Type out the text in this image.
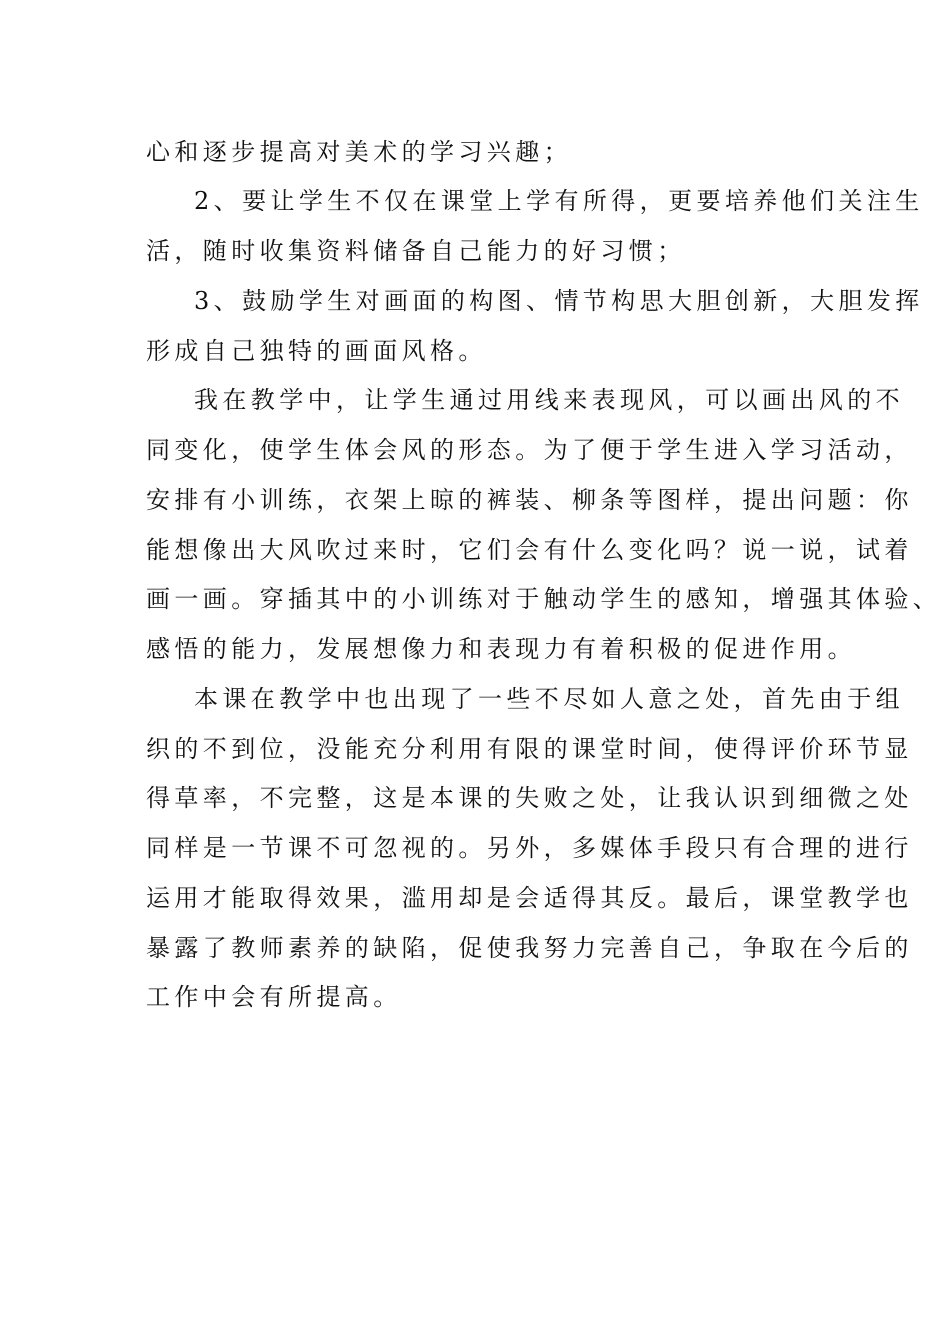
心和逐步提高对美术的学习兴趣；

2、要让学生不仅在课堂上学有所得，更要培养他们关注生

活，随时收集资料储备自己能力的好习惯；

3、鼓励学生对画面的构图、情节构思大胆创新，大胆发挥

形成自己独特的画面风格。

我在教学中，让学生通过用线来表现风，可以画出风的不

同变化，使学生体会风的形态。为了便于学生进入学习活动，

安排有小训练，衣架上晾的裤装、柳条等图样，提出问题：你

能想像出大风吹过来时，它们会有什么变化吗？说一说，试着

画一画。穿插其中的小训练对于触动学生的感知，增强其体验、

感悟的能力，发展想像力和表现力有着积极的促进作用。

本课在教学中也出现了一些不尽如人意之处，首先由于组

织的不到位，没能充分利用有限的课堂时间，使得评价环节显

得草率，不完整，这是本课的失败之处，让我认识到细微之处

同样是一节课不可忽视的。另外，多媒体手段只有合理的进行

运用才能取得效果，滥用却是会适得其反。最后，课堂教学也

暴露了教师素养的缺陷，促使我努力完善自己，争取在今后的

工作中会有所提高。
